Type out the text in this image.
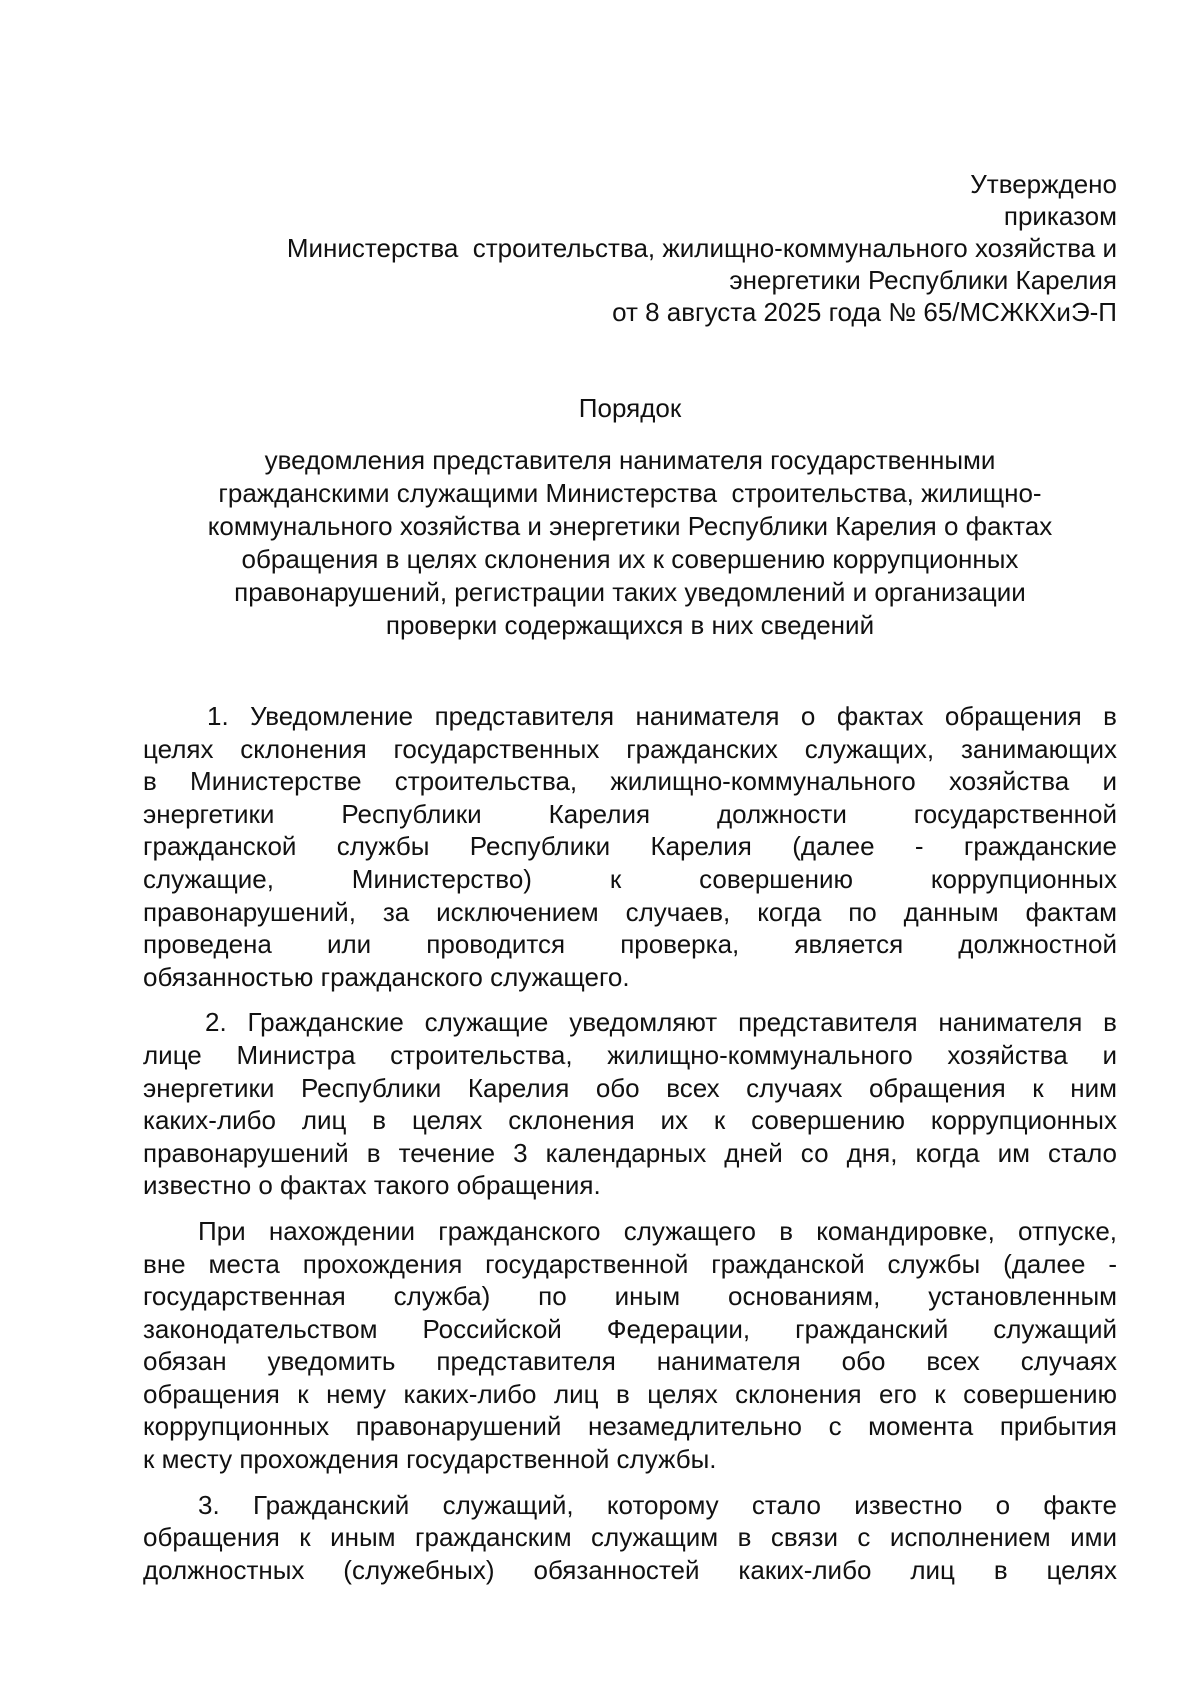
Утверждено
приказом
Министерства  строительства, жилищно-коммунального хозяйства и
энергетики Республики Карелия
от 8 августа 2025 года № 65/МСЖКХиЭ-П
Порядок
уведомления представителя нанимателя государственными
гражданскими служащими Министерства  строительства, жилищно-
коммунального хозяйства и энергетики Республики Карелия о фактах
обращения в целях склонения их к совершению коррупционных
правонарушений, регистрации таких уведомлений и организации
проверки содержащихся в них сведений
1. Уведомление представителя нанимателя о фактах обращения в
целях склонения государственных гражданских служащих, занимающих
в Министерстве строительства, жилищно-коммунального хозяйства и
энергетики Республики Карелия должности государственной
гражданской службы Республики Карелия (далее - гражданские
служащие, Министерство) к совершению коррупционных
правонарушений, за исключением случаев, когда по данным фактам
проведена или проводится проверка, является должностной
обязанностью гражданского служащего.
2. Гражданские служащие уведомляют представителя нанимателя в
лице Министра строительства, жилищно-коммунального хозяйства и
энергетики Республики Карелия обо всех случаях обращения к ним
каких-либо лиц в целях склонения их к совершению коррупционных
правонарушений в течение 3 календарных дней со дня, когда им стало
известно о фактах такого обращения.
При нахождении гражданского служащего в командировке, отпуске,
вне места прохождения государственной гражданской службы (далее -
государственная служба) по иным основаниям, установленным
законодательством Российской Федерации, гражданский служащий
обязан уведомить представителя нанимателя обо всех случаях
обращения к нему каких-либо лиц в целях склонения его к совершению
коррупционных правонарушений незамедлительно с момента прибытия
к месту прохождения государственной службы.
3. Гражданский служащий, которому стало известно о факте
обращения к иным гражданским служащим в связи с исполнением ими
должностных (служебных) обязанностей каких-либо лиц в целях
